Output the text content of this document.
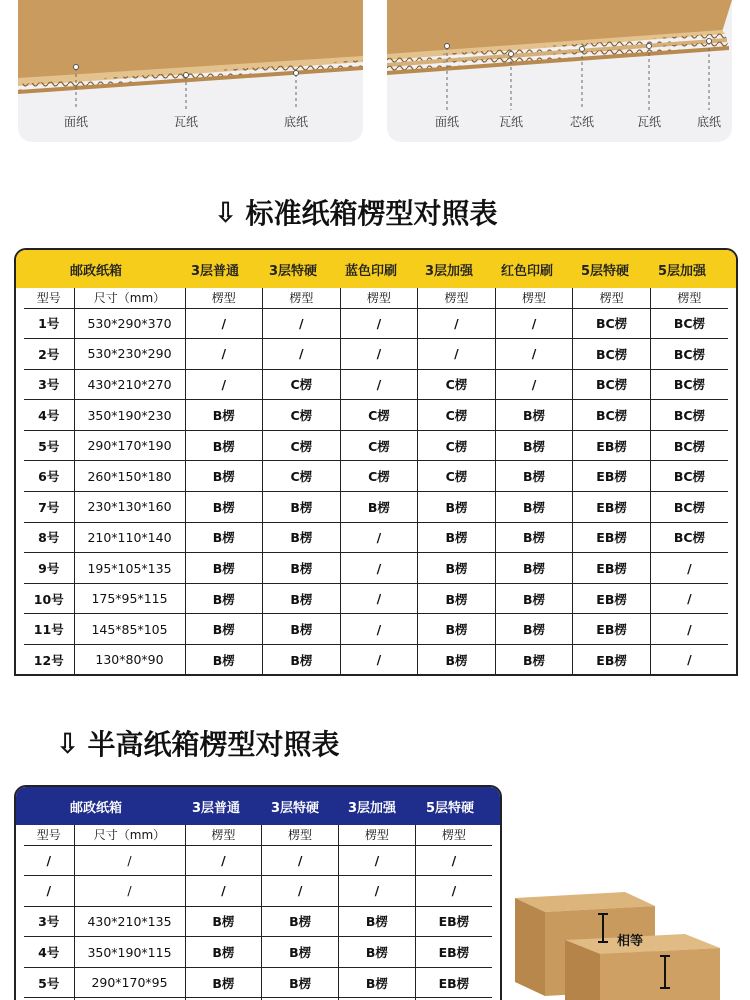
面纸	瓦纸	底纸	面纸	瓦纸	芯纸	瓦纸	底纸
⇩ 标准纸箱楞型对照表
邮政纸箱	3层普通	3层特硬	蓝色印刷	3层加强	红色印刷	5层特硬	5层加强
型号	尺寸（mm）	楞型	楞型	楞型	楞型	楞型	楞型	楞型
1号	530*290*370	/	/	/	/	/	BC楞	BC楞
2号	530*230*290	/	/	/	/	/	BC楞	BC楞
3号	430*210*270	/	C楞	/	C楞	/	BC楞	BC楞
4号	350*190*230	B楞	C楞	C楞	C楞	B楞	BC楞	BC楞
5号	290*170*190	B楞	C楞	C楞	C楞	B楞	EB楞	BC楞
6号	260*150*180	B楞	C楞	C楞	C楞	B楞	EB楞	BC楞
7号	230*130*160	B楞	B楞	B楞	B楞	B楞	EB楞	BC楞
8号	210*110*140	B楞	B楞	/	B楞	B楞	EB楞	BC楞
9号	195*105*135	B楞	B楞	/	B楞	B楞	EB楞	/
10号	175*95*115	B楞	B楞	/	B楞	B楞	EB楞	/
11号	145*85*105	B楞	B楞	/	B楞	B楞	EB楞	/
12号	130*80*90	B楞	B楞	/	B楞	B楞	EB楞	/
⇩ 半高纸箱楞型对照表
邮政纸箱	3层普通	3层特硬	3层加强	5层特硬
型号	尺寸（mm）	楞型	楞型	楞型	楞型
/	/	/	/	/	/
/	/	/	/	/	/
3号	430*210*135	B楞	B楞	B楞	EB楞
4号	350*190*115	B楞	B楞	B楞	EB楞
5号	290*170*95	B楞	B楞	B楞	EB楞

相等
